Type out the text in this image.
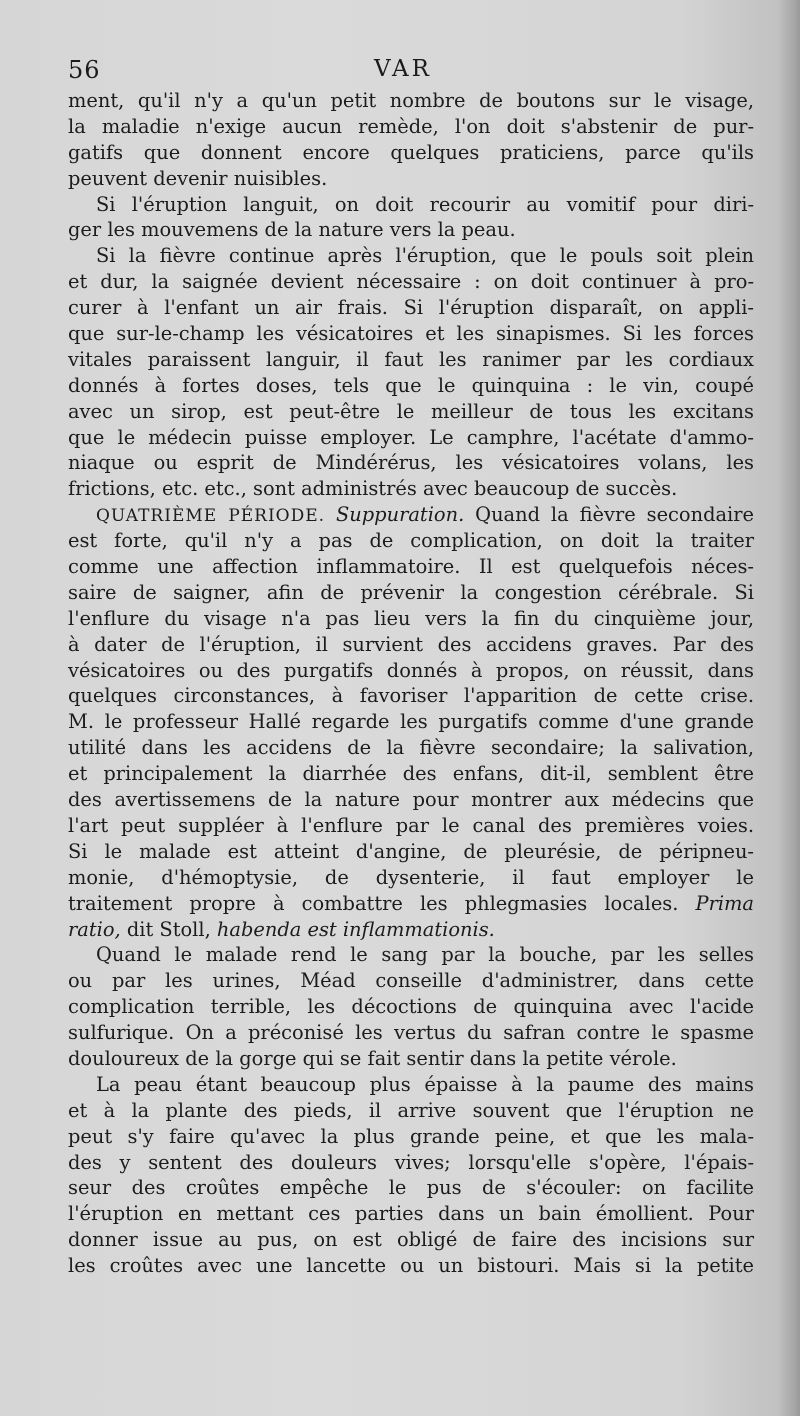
56	VAR
ment, qu'il n'y a qu'un petit nombre de boutons sur le visage,
la maladie n'exige aucun remède, l'on doit s'abstenir de pur-
gatifs que donnent encore quelques praticiens, parce qu'ils
peuvent devenir nuisibles.
Si l'éruption languit, on doit recourir au vomitif pour diri-
ger les mouvemens de la nature vers la peau.
Si la fièvre continue après l'éruption, que le pouls soit plein
et dur, la saignée devient nécessaire : on doit continuer à pro-
curer à l'enfant un air frais. Si l'éruption disparaît, on appli-
que sur-le-champ les vésicatoires et les sinapismes. Si les forces
vitales paraissent languir, il faut les ranimer par les cordiaux
donnés à fortes doses, tels que le quinquina : le vin, coupé
avec un sirop, est peut-être le meilleur de tous les excitans
que le médecin puisse employer. Le camphre, l'acétate d'ammo-
niaque ou esprit de Mindérérus, les vésicatoires volans, les
frictions, etc. etc., sont administrés avec beaucoup de succès.
QUATRIÈME PÉRIODE. Suppuration. Quand la fièvre secondaire
est forte, qu'il n'y a pas de complication, on doit la traiter
comme une affection inflammatoire. Il est quelquefois néces-
saire de saigner, afin de prévenir la congestion cérébrale. Si
l'enflure du visage n'a pas lieu vers la fin du cinquième jour,
à dater de l'éruption, il survient des accidens graves. Par des
vésicatoires ou des purgatifs donnés à propos, on réussit, dans
quelques circonstances, à favoriser l'apparition de cette crise.
M. le professeur Hallé regarde les purgatifs comme d'une grande
utilité dans les accidens de la fièvre secondaire; la salivation,
et principalement la diarrhée des enfans, dit-il, semblent être
des avertissemens de la nature pour montrer aux médecins que
l'art peut suppléer à l'enflure par le canal des premières voies.
Si le malade est atteint d'angine, de pleurésie, de péripneu-
monie, d'hémoptysie, de dysenterie, il faut employer le
traitement propre à combattre les phlegmasies locales. Prima
ratio, dit Stoll, habenda est inflammationis.
Quand le malade rend le sang par la bouche, par les selles
ou par les urines, Méad conseille d'administrer, dans cette
complication terrible, les décoctions de quinquina avec l'acide
sulfurique. On a préconisé les vertus du safran contre le spasme
douloureux de la gorge qui se fait sentir dans la petite vérole.
La peau étant beaucoup plus épaisse à la paume des mains
et à la plante des pieds, il arrive souvent que l'éruption ne
peut s'y faire qu'avec la plus grande peine, et que les mala-
des y sentent des douleurs vives; lorsqu'elle s'opère, l'épais-
seur des croûtes empêche le pus de s'écouler: on facilite
l'éruption en mettant ces parties dans un bain émollient. Pour
donner issue au pus, on est obligé de faire des incisions sur
les croûtes avec une lancette ou un bistouri. Mais si la petite
